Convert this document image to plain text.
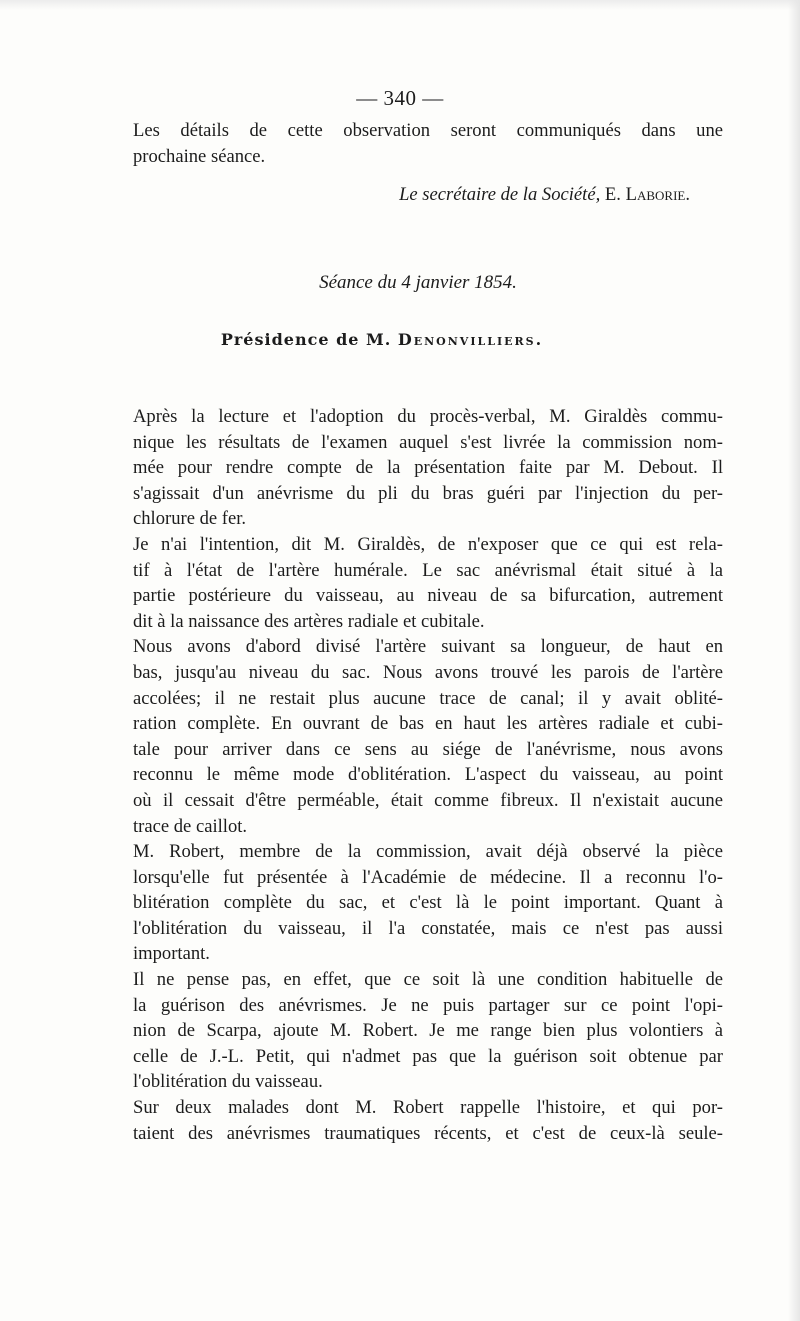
— 340 —

Les détails de cette observation seront communiqués dans une
prochaine séance.

Le secrétaire de la Société, E. Laborie.
Séance du 4 janvier 1854.
Présidence de M. Denonvilliers.

Après la lecture et l'adoption du procès-verbal, M. Giraldès commu-
nique les résultats de l'examen auquel s'est livrée la commission nom-
mée pour rendre compte de la présentation faite par M. Debout. Il
s'agissait d'un anévrisme du pli du bras guéri par l'injection du per-
chlorure de fer.

Je n'ai l'intention, dit M. Giraldès, de n'exposer que ce qui est rela-
tif à l'état de l'artère humérale. Le sac anévrismal était situé à la
partie postérieure du vaisseau, au niveau de sa bifurcation, autrement
dit à la naissance des artères radiale et cubitale.

Nous avons d'abord divisé l'artère suivant sa longueur, de haut en
bas, jusqu'au niveau du sac. Nous avons trouvé les parois de l'artère
accolées; il ne restait plus aucune trace de canal; il y avait oblité-
ration complète. En ouvrant de bas en haut les artères radiale et cubi-
tale pour arriver dans ce sens au siége de l'anévrisme, nous avons
reconnu le même mode d'oblitération. L'aspect du vaisseau, au point
où il cessait d'être perméable, était comme fibreux. Il n'existait aucune
trace de caillot.

M. Robert, membre de la commission, avait déjà observé la pièce
lorsqu'elle fut présentée à l'Académie de médecine. Il a reconnu l'o-
blitération complète du sac, et c'est là le point important. Quant à
l'oblitération du vaisseau, il l'a constatée, mais ce n'est pas aussi
important.

Il ne pense pas, en effet, que ce soit là une condition habituelle de
la guérison des anévrismes. Je ne puis partager sur ce point l'opi-
nion de Scarpa, ajoute M. Robert. Je me range bien plus volontiers à
celle de J.-L. Petit, qui n'admet pas que la guérison soit obtenue par
l'oblitération du vaisseau.

Sur deux malades dont M. Robert rappelle l'histoire, et qui por-
taient des anévrismes traumatiques récents, et c'est de ceux-là seule-
